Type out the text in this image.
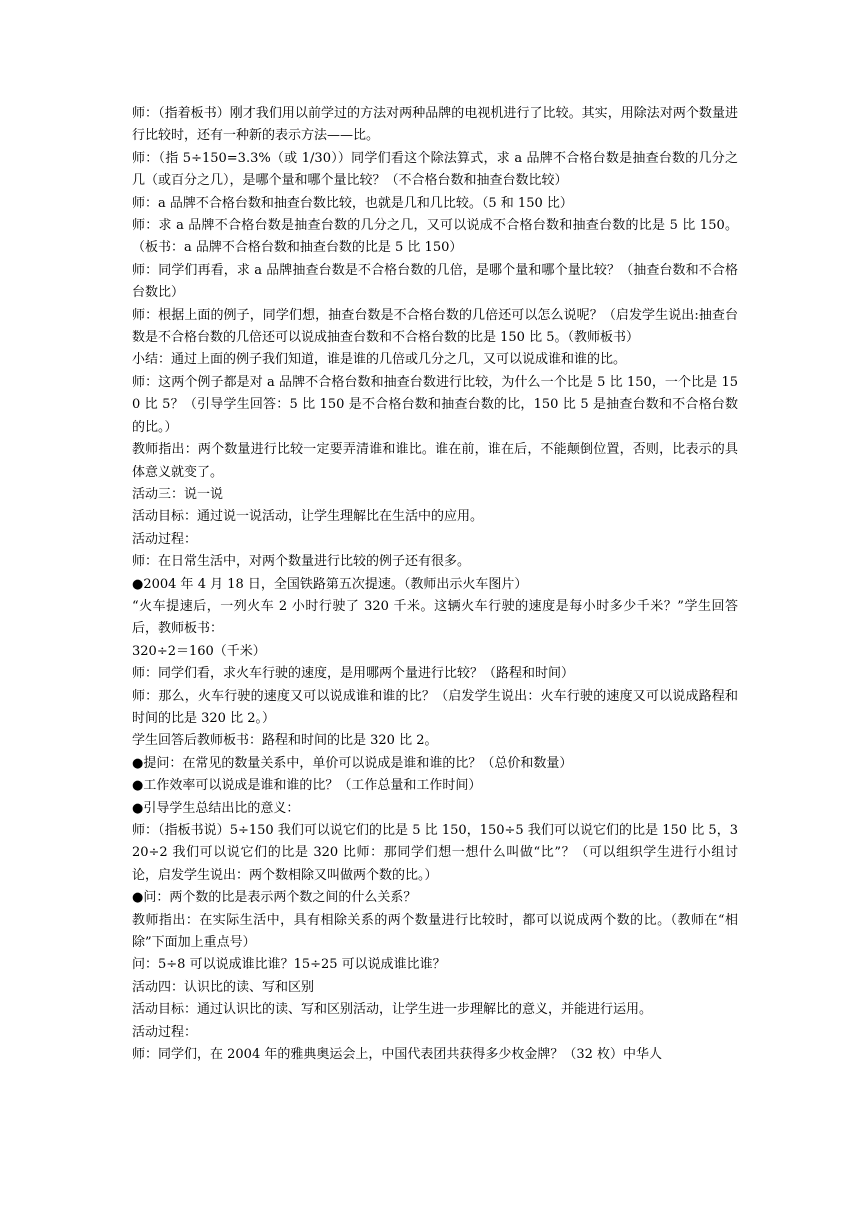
师：（指着板书）刚才我们用以前学过的方法对两种品牌的电视机进行了比较。其实，用除法对两个数量进行比较时，还有一种新的表示方法——比。

师：（指 5÷150=3.3%（或 1/30））同学们看这个除法算式，求 a 品牌不合格台数是抽查台数的几分之几（或百分之几），是哪个量和哪个量比较？（不合格台数和抽查台数比较）

师：a 品牌不合格台数和抽查台数比较，也就是几和几比较。（5 和 150 比）

师：求 a 品牌不合格台数是抽查台数的几分之几，又可以说成不合格台数和抽查台数的比是 5 比 150。（板书：a 品牌不合格台数和抽查台数的比是 5 比 150）

师：同学们再看，求 a 品牌抽查台数是不合格台数的几倍，是哪个量和哪个量比较？（抽查台数和不合格台数比）

师：根据上面的例子，同学们想，抽查台数是不合格台数的几倍还可以怎么说呢？（启发学生说出:抽查台数是不合格台数的几倍还可以说成抽查台数和不合格台数的比是 150 比 5。（教师板书）

小结：通过上面的例子我们知道，谁是谁的几倍或几分之几，又可以说成谁和谁的比。

师：这两个例子都是对 a 品牌不合格台数和抽查台数进行比较，为什么一个比是 5 比 150，一个比是 150 比 5？（引导学生回答：5 比 150 是不合格台数和抽查台数的比，150 比 5 是抽查台数和不合格台数的比。）

教师指出：两个数量进行比较一定要弄清谁和谁比。谁在前，谁在后，不能颠倒位置，否则，比表示的具体意义就变了。

活动三：说一说

活动目标：通过说一说活动，让学生理解比在生活中的应用。

活动过程：

师：在日常生活中，对两个数量进行比较的例子还有很多。

●2004 年 4 月 18 日，全国铁路第五次提速。（教师出示火车图片）

“火车提速后，一列火车 2 小时行驶了 320 千米。这辆火车行驶的速度是每小时多少千米？”学生回答后，教师板书：

320÷2＝160（千米）

师：同学们看，求火车行驶的速度，是用哪两个量进行比较？（路程和时间）

师：那么，火车行驶的速度又可以说成谁和谁的比？（启发学生说出：火车行驶的速度又可以说成路程和时间的比是 320 比 2。）

学生回答后教师板书：路程和时间的比是 320 比 2。

●提问：在常见的数量关系中，单价可以说成是谁和谁的比？（总价和数量）

●工作效率可以说成是谁和谁的比？（工作总量和工作时间）

●引导学生总结出比的意义：

师：（指板书说）5÷150 我们可以说它们的比是 5 比 150，150÷5 我们可以说它们的比是 150 比 5，320÷2 我们可以说它们的比是 320 比师：那同学们想一想什么叫做“比”？（可以组织学生进行小组讨论，启发学生说出：两个数相除又叫做两个数的比。）

●问：两个数的比是表示两个数之间的什么关系？

教师指出：在实际生活中，具有相除关系的两个数量进行比较时，都可以说成两个数的比。（教师在“相除”下面加上重点号）

问：5÷8 可以说成谁比谁？15÷25 可以说成谁比谁？

活动四：认识比的读、写和区别

活动目标：通过认识比的读、写和区别活动，让学生进一步理解比的意义，并能进行运用。

活动过程：

师：同学们，在 2004 年的雅典奥运会上，中国代表团共获得多少枚金牌？（32 枚）中华人
